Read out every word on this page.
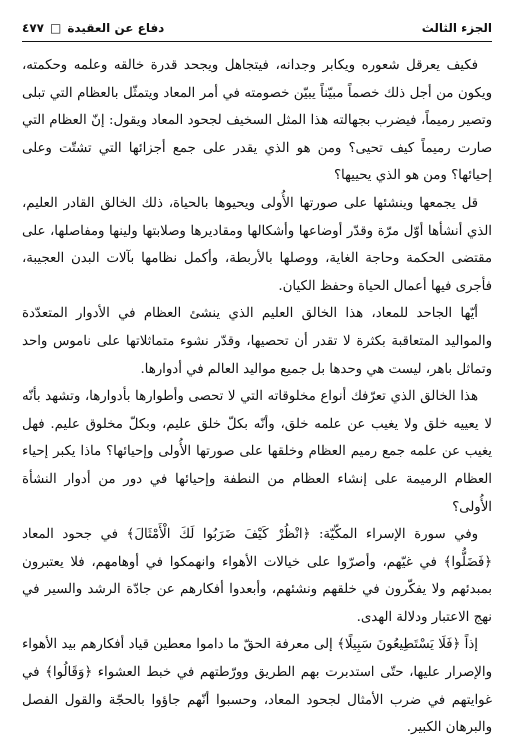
الجزء الثالث
دفاع عن العقيدة
□
٤٧٧

فكيف يعرقل شعوره ويكابر وجدانه، فيتجاهل ويجحد قدرة خالقه وعلمه وحكمته، ويكون من أجل ذلك خصماً مبيّناً يبيّن خصومته في أمر المعاد ويتمثّل بالعظام التي تبلى وتصير رميماً، فيضرب بجهالته هذا المثل السخيف لجحود المعاد ويقول: إنّ العظام التي صارت رميماً كيف تحيى؟ ومن هو الذي يقدر على جمع أجزائها التي تشتّت وعلى إحيائها؟ ومن هو الذي يحييها؟

قل يجمعها وينشئها على صورتها الأُولى ويحيوها بالحياة، ذلك الخالق القادر العليم، الذي أنشأها أوّل مرّة وقدّر أوضاعها وأشكالها ومقاديرها وصلابتها ولينها ومفاصلها، على مقتضى الحكمة وحاجة الغاية، ووصلها بالأربطة، وأكمل نظامها بآلات البدن العجيبة، فأجرى فيها أعمال الحياة وحفظ الكيان.

أيّها الجاحد للمعاد، هذا الخالق العليم الذي ينشئ العظام في الأدوار المتعدّدة والمواليد المتعاقبة بكثرة لا تقدر أن تحصيها، وقدّر نشوء متماثلاتها على ناموس واحد وتماثل باهر، ليست هي وحدها بل جميع مواليد العالم في أدوارها.

هذا الخالق الذي تعرّفك أنواع مخلوقاته التي لا تحصى وأطوارها بأدوارها، وتشهد بأنّه لا يعييه خلق ولا يغيب عن علمه خلق، وأنّه بكلّ خلق عليم، وبكلّ مخلوق عليم. فهل يغيب عن علمه جمع رميم العظام وخلقها على صورتها الأُولى وإحيائها؟ ماذا يكبر إحياء العظام الرميمة على إنشاء العظام من النطفة وإحيائها في دور من أدوار النشأة الأُولى؟

وفي سورة الإسراء المكّيّة: ﴿انْظُرْ كَيْفَ ضَرَبُوا لَكَ الْأَمْثَالَ﴾ في جحود المعاد ﴿فَضَلُّوا﴾ في غيّهم، وأصرّوا على خيالات الأهواء وانهمكوا في أوهامهم، فلا يعتبرون بمبدئهم ولا يفكّرون في خلقهم ونشئهم، وأبعدوا أفكارهم عن جادّة الرشد والسير في نهج الاعتبار ودلالة الهدى.

إذاً ﴿فَلَا يَسْتَطِيعُونَ سَبِيلًا﴾ إلى معرفة الحقّ ما داموا معطين قياد أفكارهم بيد الأهواء والإصرار عليها، حتّى استدبرت بهم الطريق وورّطتهم في خبط العشواء ﴿وَقَالُوا﴾ في غوايتهم في ضرب الأمثال لجحود المعاد، وحسبوا أنّهم جاؤوا بالحجّة والقول الفصل والبرهان الكبير.
